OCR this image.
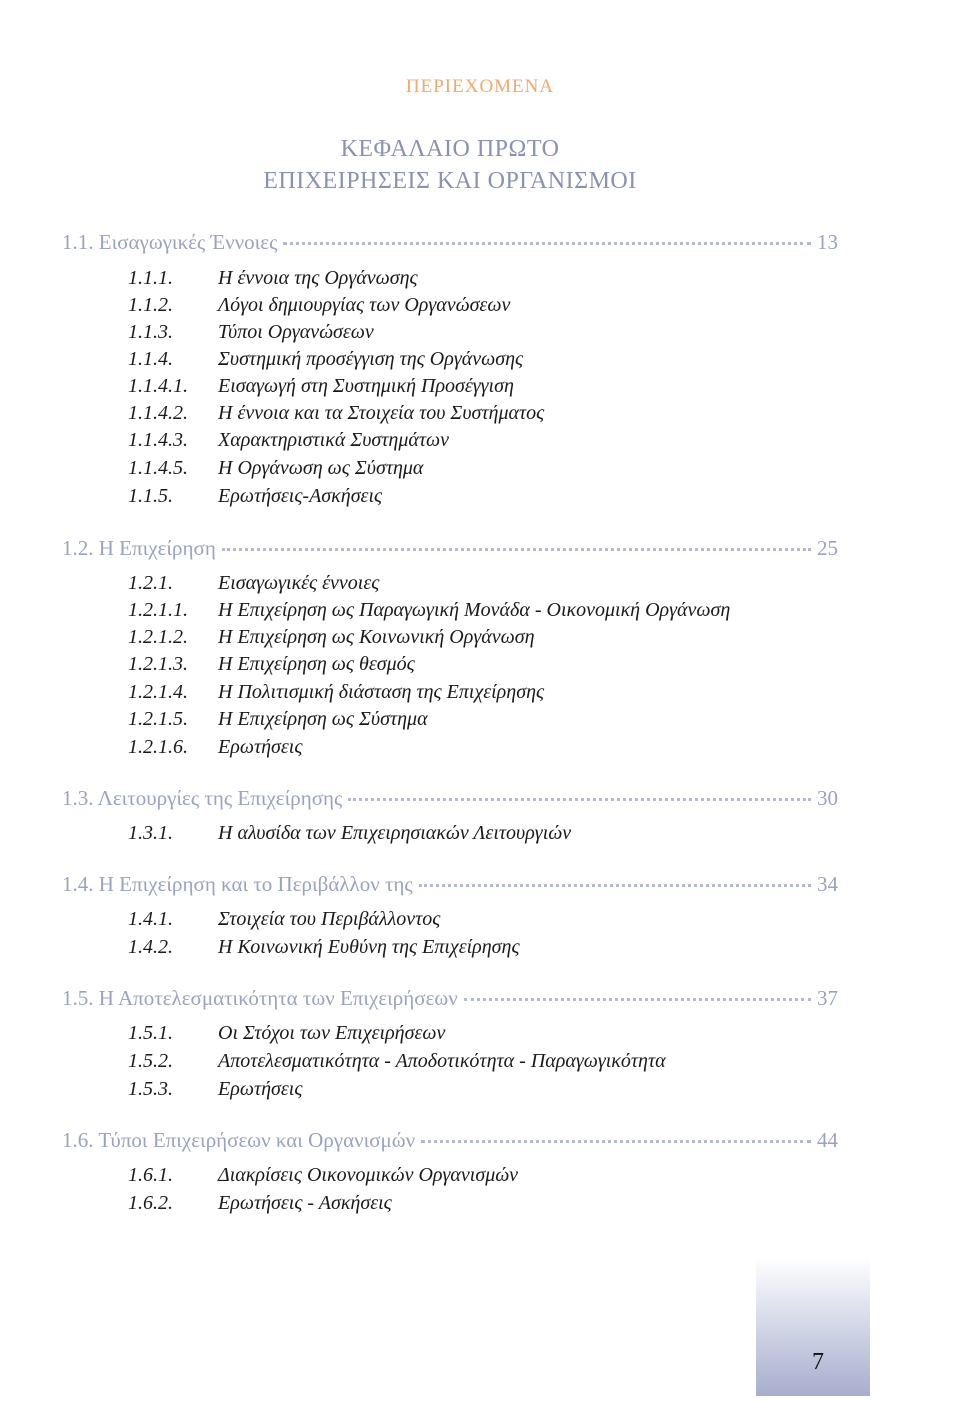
ΠΕΡΙΕΧΟΜΕΝΑ
ΚΕΦΑΛΑΙΟ ΠΡΩΤΟ
ΕΠΙΧΕΙΡΗΣΕΙΣ ΚΑΙ ΟΡΓΑΝΙΣΜΟΙ
1.1. Εισαγωγικές Έννοιες	13
1.1.1. Η έννοια της Οργάνωσης
1.1.2. Λόγοι δημιουργίας των Οργανώσεων
1.1.3. Τύποι Οργανώσεων
1.1.4. Συστημική προσέγγιση της Οργάνωσης
1.1.4.1. Εισαγωγή στη Συστημική Προσέγγιση
1.1.4.2. Η έννοια και τα Στοιχεία του Συστήματος
1.1.4.3. Χαρακτηριστικά Συστημάτων
1.1.4.5. Η Οργάνωση ως Σύστημα
1.1.5. Ερωτήσεις-Ασκήσεις
1.2. Η Επιχείρηση	25
1.2.1. Εισαγωγικές έννοιες
1.2.1.1. Η Επιχείρηση ως Παραγωγική Μονάδα - Οικονομική Οργάνωση
1.2.1.2. Η Επιχείρηση ως Κοινωνική Οργάνωση
1.2.1.3. Η Επιχείρηση ως θεσμός
1.2.1.4. Η Πολιτισμική διάσταση της Επιχείρησης
1.2.1.5. Η Επιχείρηση ως Σύστημα
1.2.1.6. Ερωτήσεις
1.3. Λειτουργίες της Επιχείρησης	30
1.3.1. Η αλυσίδα των Επιχειρησιακών Λειτουργιών
1.4. Η Επιχείρηση και το Περιβάλλον της	34
1.4.1. Στοιχεία του Περιβάλλοντος
1.4.2. Η Κοινωνική Ευθύνη της Επιχείρησης
1.5. Η Αποτελεσματικότητα των Επιχειρήσεων	37
1.5.1. Οι Στόχοι των Επιχειρήσεων
1.5.2. Αποτελεσματικότητα - Αποδοτικότητα - Παραγωγικότητα
1.5.3. Ερωτήσεις
1.6. Τύποι Επιχειρήσεων και Οργανισμών	44
1.6.1. Διακρίσεις Οικονομικών Οργανισμών
1.6.2. Ερωτήσεις - Ασκήσεις
7
